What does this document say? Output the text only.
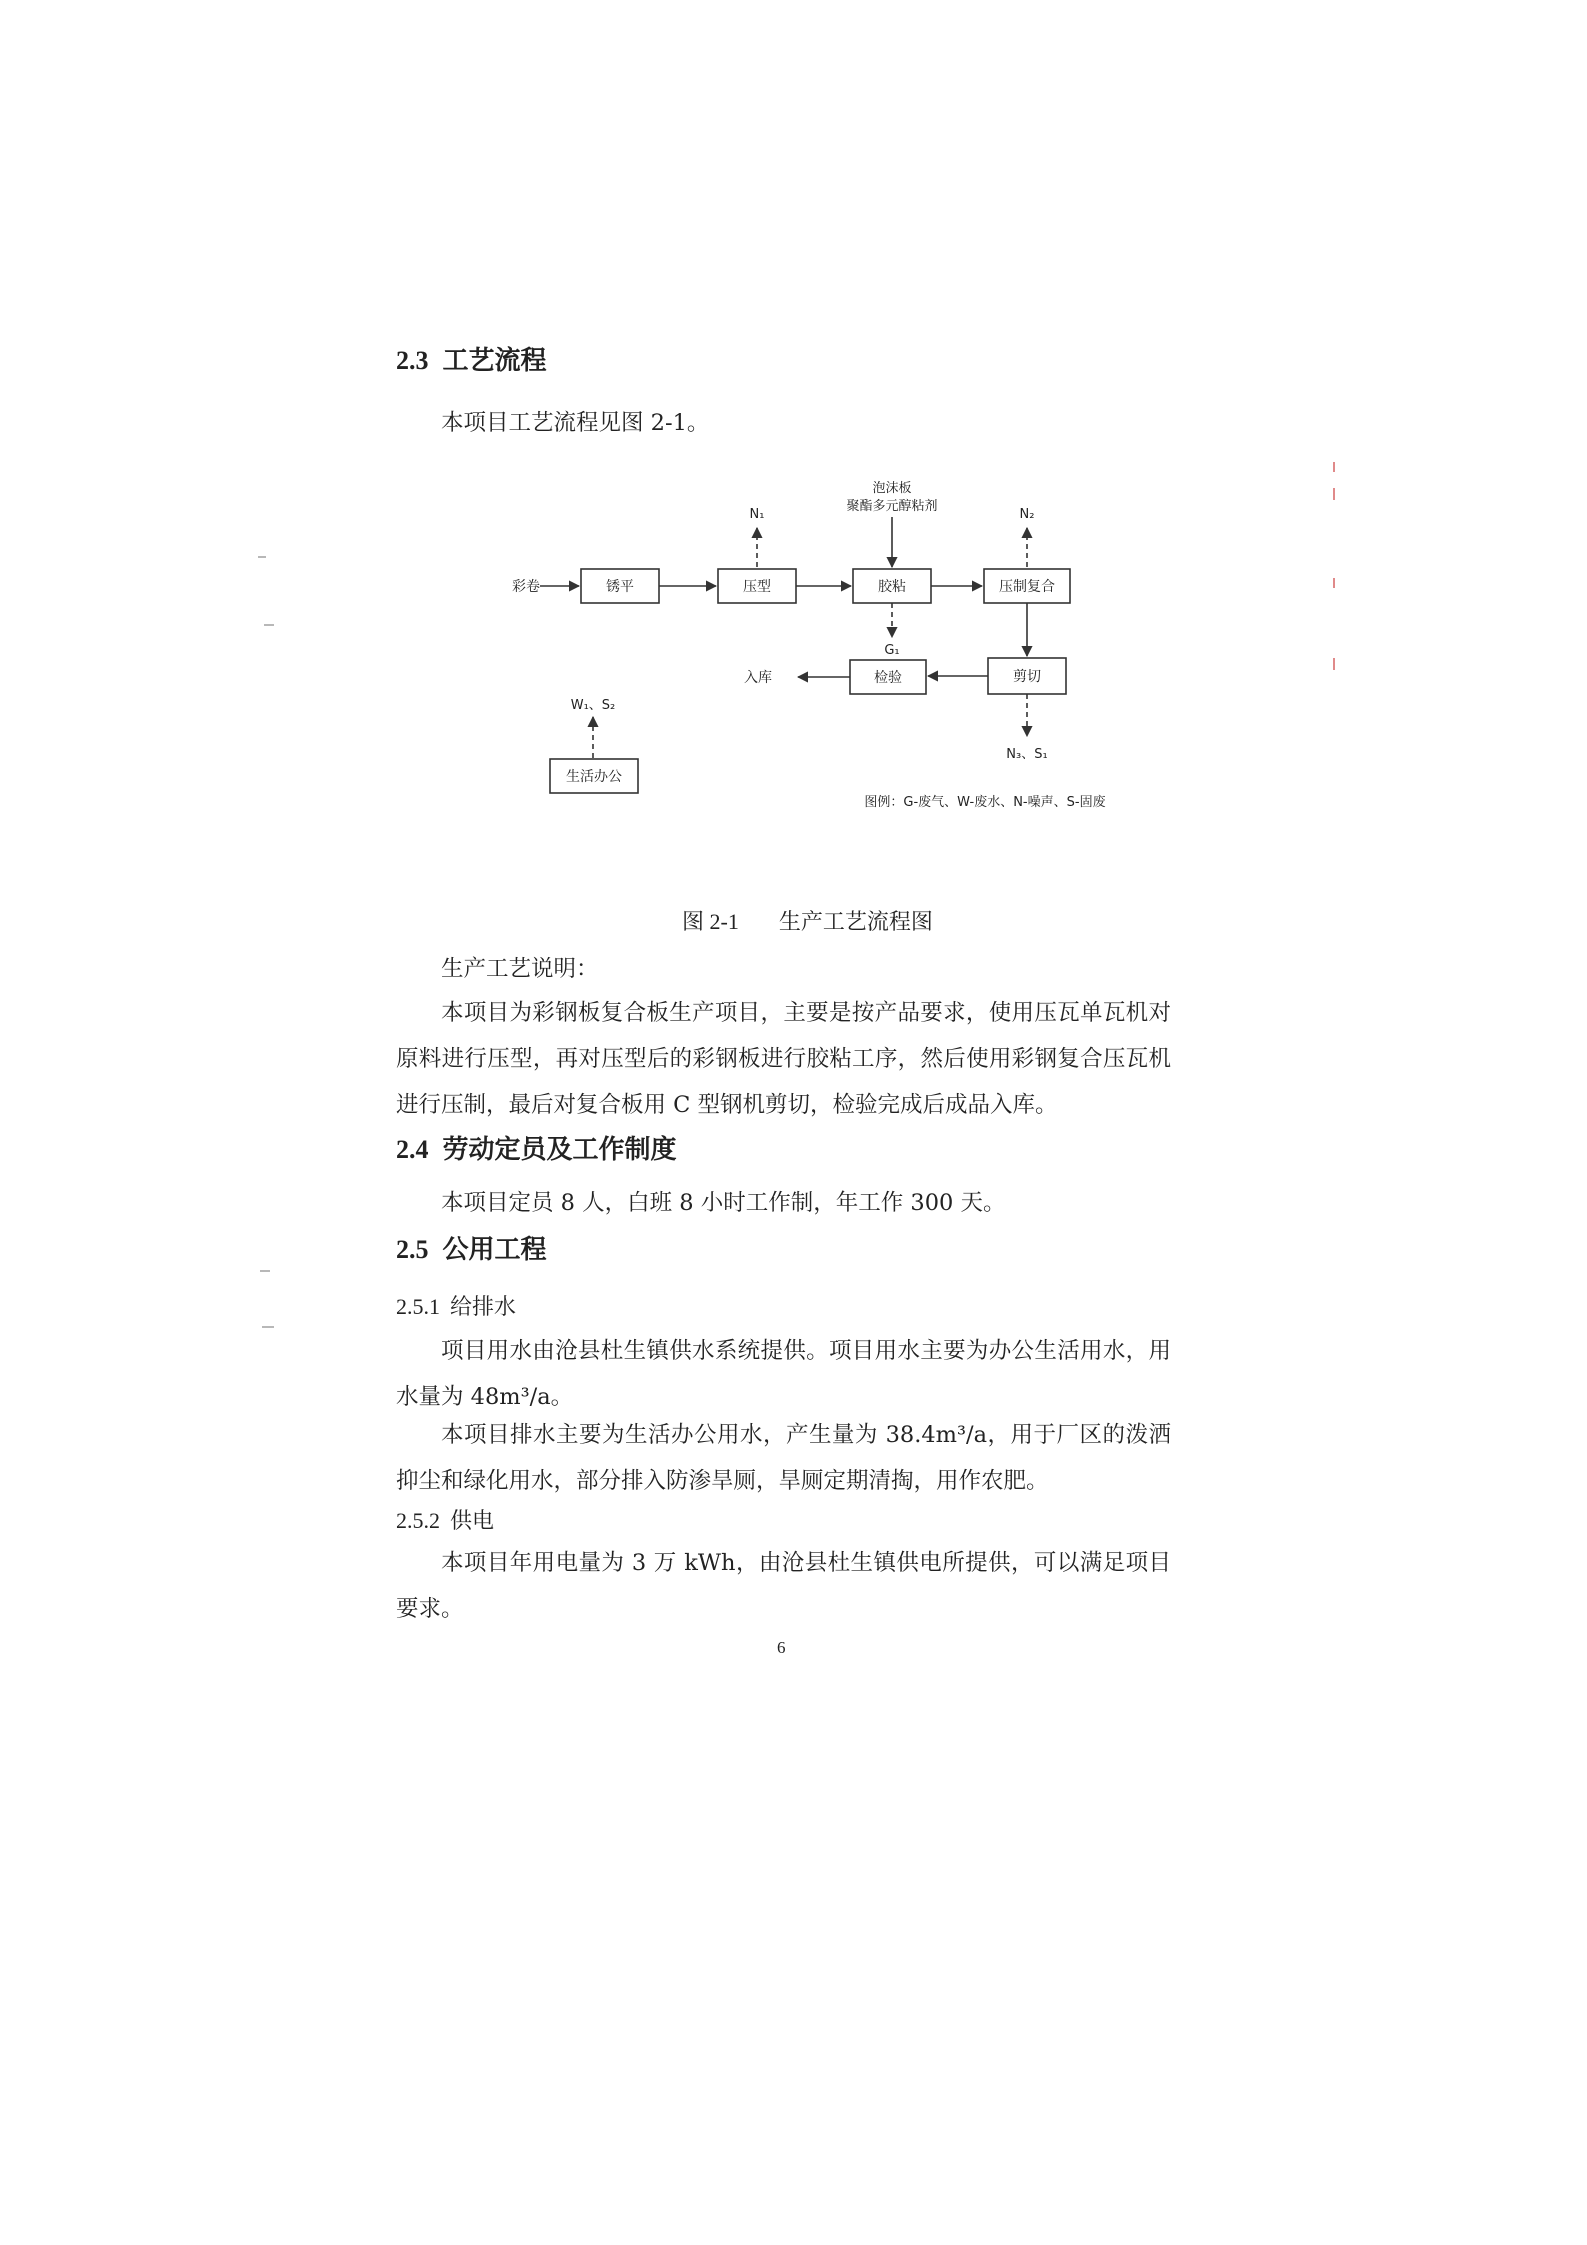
2.3 工艺流程
本项目工艺流程见图 2-1。
彩卷	锈平	压型	胶粘	压制复合
泡沫板
聚酯多元醇粘剂
N₁	N₂
G₁
剪切
检验
入库
N₃、S₁
W₁、S₂
生活办公
图例：G-废气、W-废水、N-噪声、S-固废
图 2-1 生产工艺流程图
生产工艺说明：
本项目为彩钢板复合板生产项目，主要是按产品要求，使用压瓦单瓦机对原料进行压型，再对压型后的彩钢板进行胶粘工序，然后使用彩钢复合压瓦机进行压制，最后对复合板用 C 型钢机剪切，检验完成后成品入库。
2.4 劳动定员及工作制度
本项目定员 8 人，白班 8 小时工作制，年工作 300 天。
2.5 公用工程
2.5.1 给排水
项目用水由沧县杜生镇供水系统提供。项目用水主要为办公生活用水，用水量为 48m³/a。
本项目排水主要为生活办公用水，产生量为 38.4m³/a，用于厂区的泼洒抑尘和绿化用水，部分排入防渗旱厕，旱厕定期清掏，用作农肥。
2.5.2 供电
本项目年用电量为 3 万 kWh，由沧县杜生镇供电所提供，可以满足项目要求。
6
